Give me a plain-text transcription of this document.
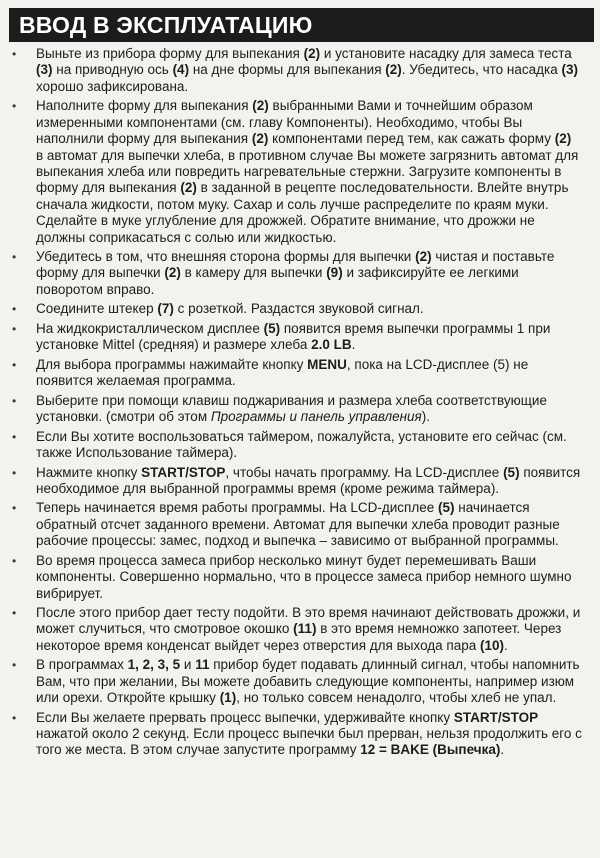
ВВОД В ЭКСПЛУАТАЦИЮ
• Выньте из прибора форму для выпекания (2) и установите насадку для замеса теста (3) на приводную ось (4) на дне формы для выпекания (2). Убедитесь, что насадка (3) хорошо зафиксирована.
• Наполните форму для выпекания (2) выбранными Вами и точнейшим образом измеренными компонентами (см. главу Компоненты). Необходимо, чтобы Вы наполнили форму для выпекания (2) компонентами перед тем, как сажать форму (2) в автомат для выпечки хлеба, в противном случае Вы можете загрязнить автомат для выпекания хлеба или повредить нагревательные стержни. Загрузите компоненты в форму для выпекания (2) в заданной в рецепте последовательности. Влейте внутрь сначала жидкости, потом муку. Сахар и соль лучше распределите по краям муки. Сделайте в муке углубление для дрожжей. Обратите внимание, что дрожжи не должны соприкасаться с солью или жидкостью.
• Убедитесь в том, что внешняя сторона формы для выпечки (2) чистая и поставьте форму для выпечки (2) в камеру для выпечки (9) и зафиксируйте ее легкими поворотом вправо.
• Соедините штекер (7) с розеткой. Раздастся звуковой сигнал.
• На жидкокристаллическом дисплее (5) появится время выпечки программы 1 при установке Mittel (средняя) и размере хлеба 2.0 LB.
• Для выбора программы нажимайте кнопку MENU, пока на LCD-дисплее (5) не появится желаемая программа.
• Выберите при помощи клавиш поджаривания и размера хлеба соответствующие установки. (смотри об этом Программы и панель управления).
• Если Вы хотите воспользоваться таймером, пожалуйста, установите его сейчас (см. также Использование таймера).
• Нажмите кнопку START/STOP, чтобы начать программу. На LCD-дисплее (5) появится необходимое для выбранной программы время (кроме режима таймера).
• Теперь начинается время работы программы. На LCD-дисплее (5) начинается обратный отсчет заданного времени. Автомат для выпечки хлеба проводит разные рабочие процессы: замес, подход и выпечка – зависимо от выбранной программы.
• Во время процесса замеса прибор несколько минут будет перемешивать Ваши компоненты. Совершенно нормально, что в процессе замеса прибор немного шумно вибрирует.
• После этого прибор дает тесту подойти. В это время начинают действовать дрожжи, и может случиться, что смотровое окошко (11) в это время немножко запотеет. Через некоторое время конденсат выйдет через отверстия для выхода пара (10).
• В программах 1, 2, 3, 5 и 11 прибор будет подавать длинный сигнал, чтобы напомнить Вам, что при желании, Вы можете добавить следующие компоненты, например изюм или орехи. Откройте крышку (1), но только совсем ненадолго, чтобы хлеб не упал.
• Если Вы желаете прервать процесс выпечки, удерживайте кнопку START/STOP нажатой около 2 секунд. Если процесс выпечки был прерван, нельзя продолжить его с того же места. В этом случае запустите программу 12 = BAKE (Выпечка).
